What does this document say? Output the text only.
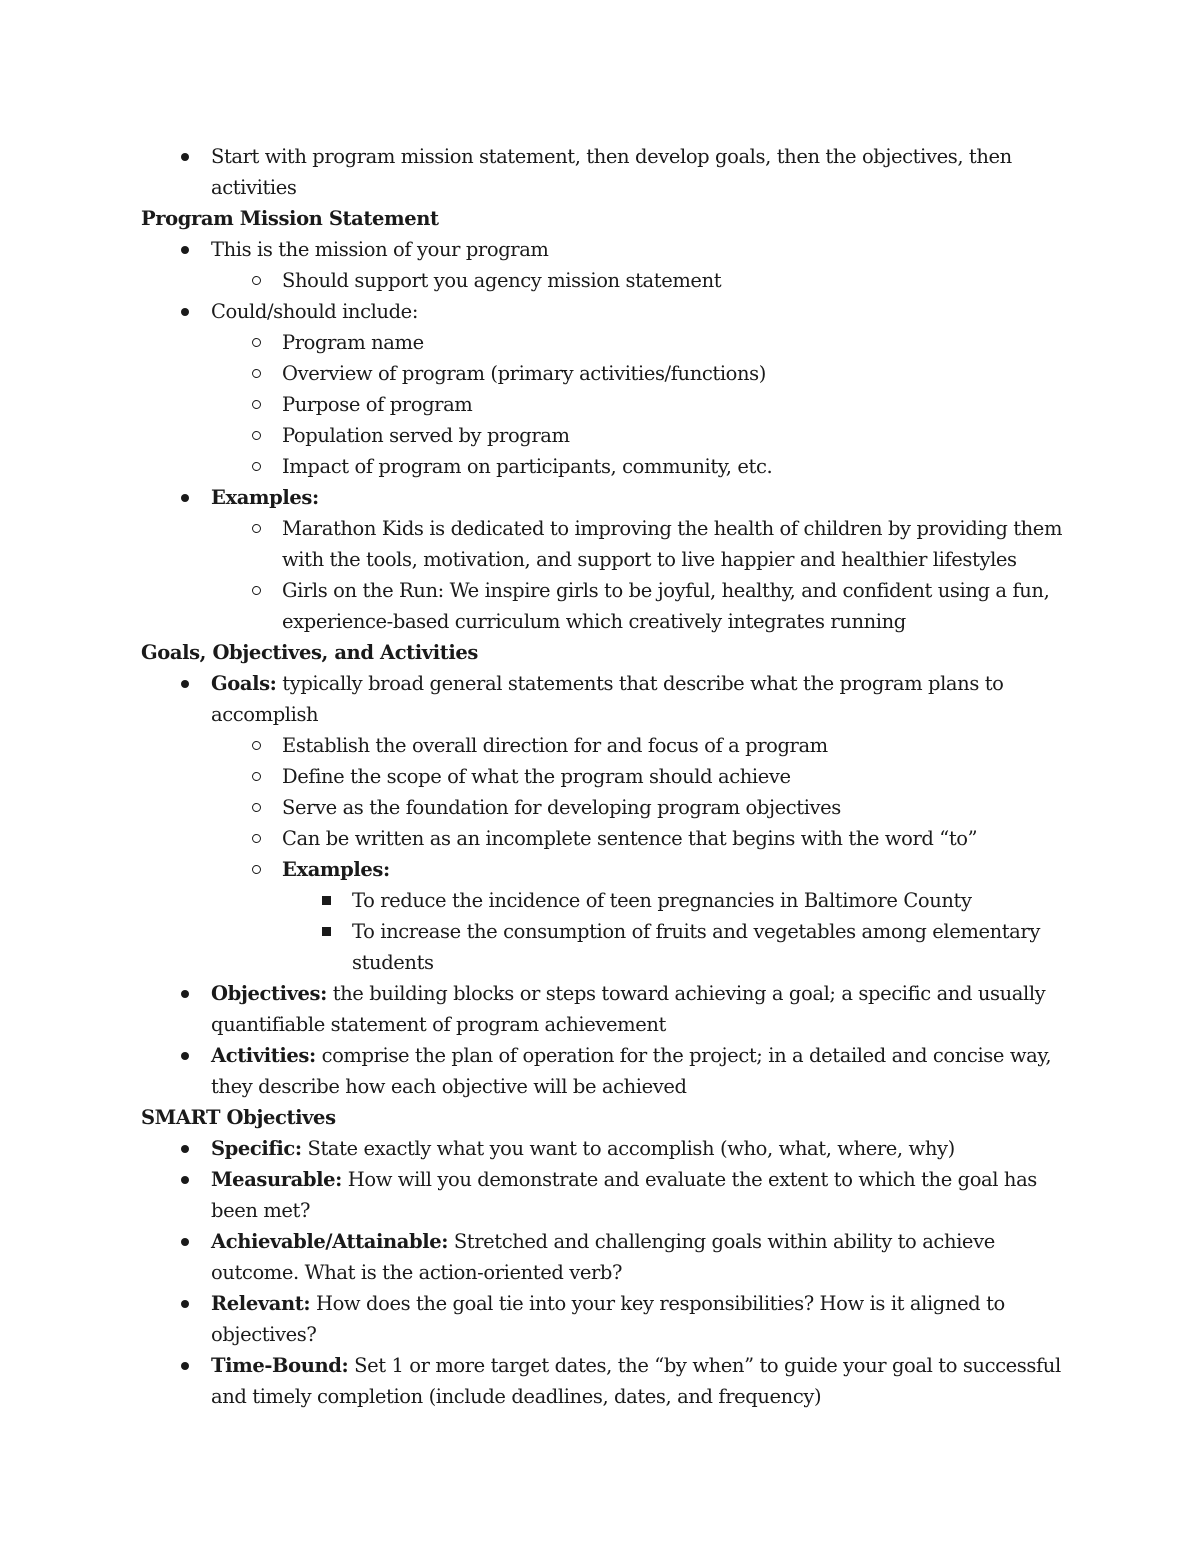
Start with program mission statement, then develop goals, then the objectives, then
activities
Program Mission Statement
This is the mission of your program
Should support you agency mission statement
Could/should include:
Program name
Overview of program (primary activities/functions)
Purpose of program
Population served by program
Impact of program on participants, community, etc.
Examples:
Marathon Kids is dedicated to improving the health of children by providing them
with the tools, motivation, and support to live happier and healthier lifestyles
Girls on the Run: We inspire girls to be joyful, healthy, and confident using a fun,
experience-based curriculum which creatively integrates running
Goals, Objectives, and Activities
Goals: typically broad general statements that describe what the program plans to
accomplish
Establish the overall direction for and focus of a program
Define the scope of what the program should achieve
Serve as the foundation for developing program objectives
Can be written as an incomplete sentence that begins with the word “to”
Examples:
To reduce the incidence of teen pregnancies in Baltimore County
To increase the consumption of fruits and vegetables among elementary
students
Objectives: the building blocks or steps toward achieving a goal; a specific and usually
quantifiable statement of program achievement
Activities: comprise the plan of operation for the project; in a detailed and concise way,
they describe how each objective will be achieved
SMART Objectives
Specific: State exactly what you want to accomplish (who, what, where, why)
Measurable: How will you demonstrate and evaluate the extent to which the goal has
been met?
Achievable/Attainable: Stretched and challenging goals within ability to achieve
outcome. What is the action-oriented verb?
Relevant: How does the goal tie into your key responsibilities? How is it aligned to
objectives?
Time-Bound: Set 1 or more target dates, the “by when” to guide your goal to successful
and timely completion (include deadlines, dates, and frequency)
